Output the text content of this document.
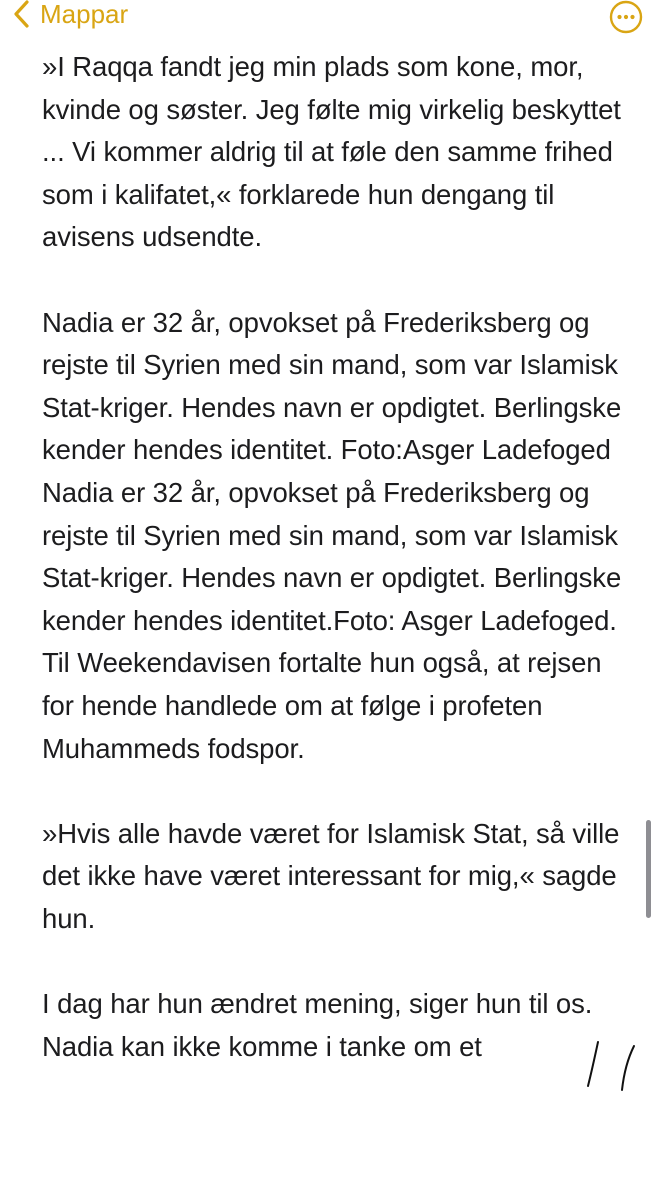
Mappar

»I Raqqa fandt jeg min plads som kone, mor, kvinde og søster. Jeg følte mig virkelig beskyttet ... Vi kommer aldrig til at føle den samme frihed som i kalifatet,« forklarede hun dengang til avisens udsendte.

Nadia er 32 år, opvokset på Frederiksberg og rejste til Syrien med sin mand, som var Islamisk Stat-kriger. Hendes navn er opdigtet. Berlingske kender hendes identitet. Foto:Asger Ladefoged

Nadia er 32 år, opvokset på Frederiksberg og rejste til Syrien med sin mand, som var Islamisk Stat-kriger. Hendes navn er opdigtet. Berlingske kender hendes identitet.Foto: Asger Ladefoged.

Til Weekendavisen fortalte hun også, at rejsen for hende handlede om at følge i profeten Muhammeds fodspor.

»Hvis alle havde været for Islamisk Stat, så ville det ikke have været interessant for mig,« sagde hun.

I dag har hun ændret mening, siger hun til os. Nadia kan ikke komme i tanke om et
